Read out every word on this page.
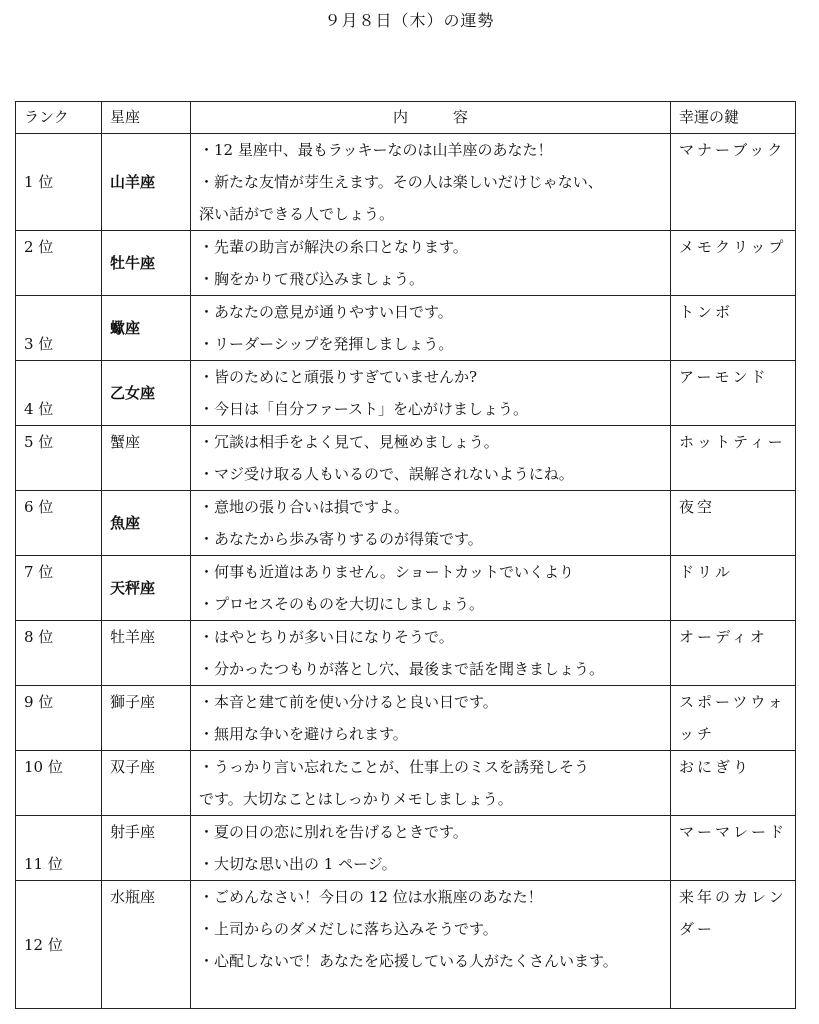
９月８日（木）の運勢
ランク	星座	内　　　容	幸運の鍵
1 位	山羊座	・12 星座中、最もラッキーなのは山羊座のあなた！
・新たな友情が芽生えます。その人は楽しいだけじゃない、
深い話ができる人でしょう。	マナーブック
2 位	牡牛座	・先輩の助言が解決の糸口となります。
・胸をかりて飛び込みましょう。	メモクリップ
3 位	蠍座	・あなたの意見が通りやすい日です。
・リーダーシップを発揮しましょう。	トンボ
4 位	乙女座	・皆のためにと頑張りすぎていませんか?
・今日は「自分ファースト」を心がけましょう。	アーモンド
5 位	蟹座	・冗談は相手をよく見て、見極めましょう。
・マジ受け取る人もいるので、誤解されないようにね。	ホットティー
6 位	魚座	・意地の張り合いは損ですよ。
・あなたから歩み寄りするのが得策です。	夜空
7 位	天秤座	・何事も近道はありません。ショートカットでいくより
・プロセスそのものを大切にしましょう。	ドリル
8 位	牡羊座	・はやとちりが多い日になりそうで。
・分かったつもりが落とし穴、最後まで話を聞きましょう。	オーディオ
9 位	獅子座	・本音と建て前を使い分けると良い日です。
・無用な争いを避けられます。	スポーツウォッチ
10 位	双子座	・うっかり言い忘れたことが、仕事上のミスを誘発しそう
です。大切なことはしっかりメモしましょう。	おにぎり
11 位	射手座	・夏の日の恋に別れを告げるときです。
・大切な思い出の 1 ページ。	マーマレード
12 位	水瓶座	・ごめんなさい！今日の 12 位は水瓶座のあなた！
・上司からのダメだしに落ち込みそうです。
・心配しないで！あなたを応援している人がたくさんいます。	来年のカレンダー
